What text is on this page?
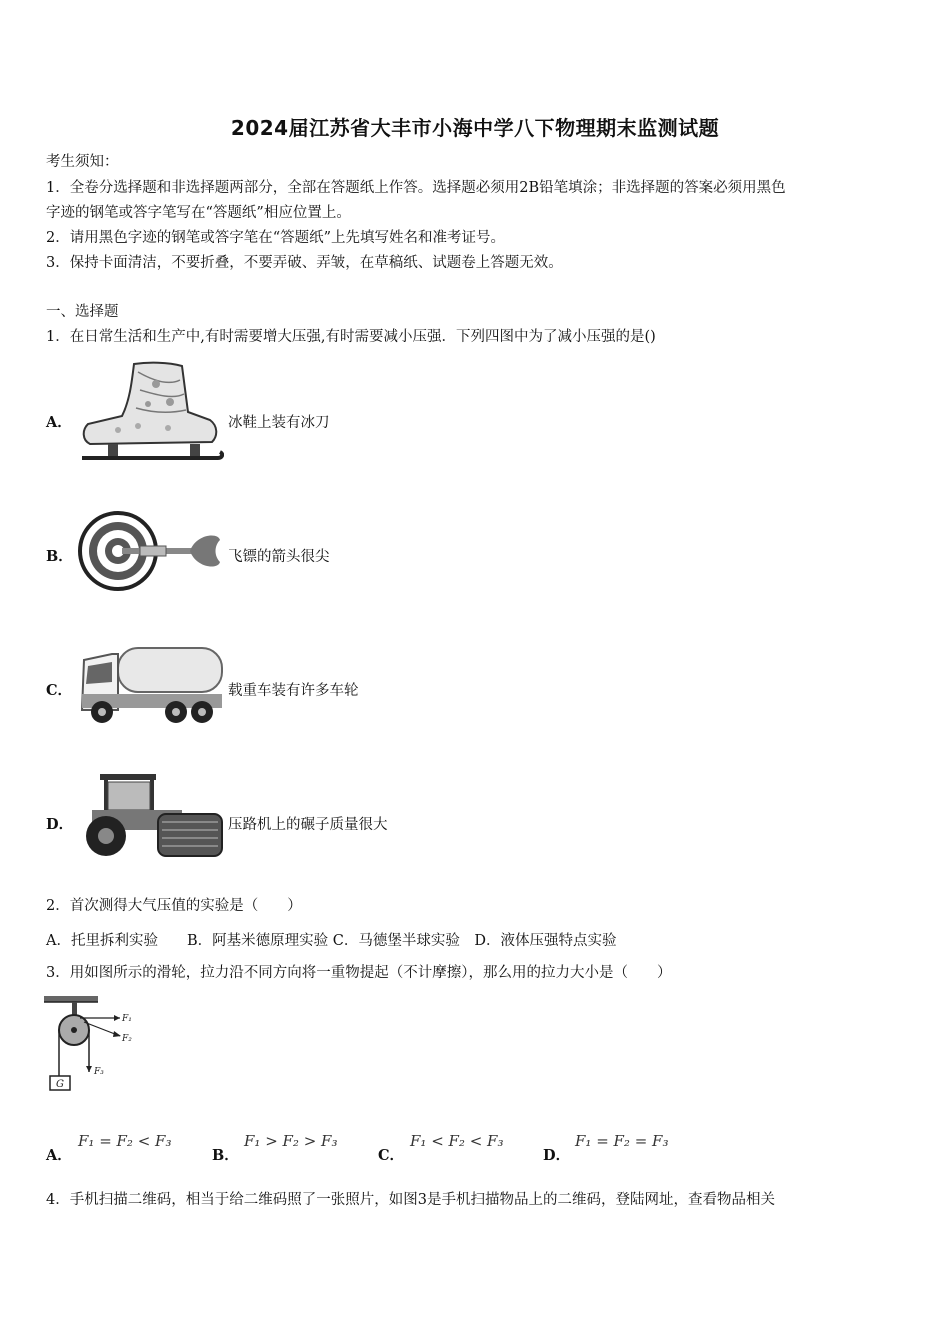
2024届江苏省大丰市小海中学八下物理期末监测试题
考生须知：
1．全卷分选择题和非选择题两部分，全部在答题纸上作答。选择题必须用2B铅笔填涂；非选择题的答案必须用黑色
字迹的钢笔或答字笔写在“答题纸”相应位置上。
2．请用黑色字迹的钢笔或答字笔在“答题纸”上先填写姓名和准考证号。
3．保持卡面清洁，不要折叠，不要弄破、弄皱，在草稿纸、试题卷上答题无效。
一、选择题
1．在日常生活和生产中,有时需要增大压强,有时需要减小压强．下列四图中为了减小压强的是()
A．	冰鞋上装有冰刀
B．	飞镖的箭头很尖
C．	载重车装有许多车轮
D．	压路机上的碾子质量很大
2．首次测得大气压值的实验是（　　）
A．托里拆利实验　　B．阿基米德原理实验 C．马德堡半球实验　D．液体压强特点实验
3．用如图所示的滑轮，拉力沿不同方向将一重物提起（不计摩擦），那么用的拉力大小是（　　）
F₁
F₂
F₃
G
A．
F₁ = F₂ < F₃
B．
F₁ > F₂ > F₃
C．
F₁ < F₂ < F₃
D．
F₁ = F₂ = F₃
4．手机扫描二维码，相当于给二维码照了一张照片，如图3是手机扫描物品上的二维码，登陆网址，查看物品相关
